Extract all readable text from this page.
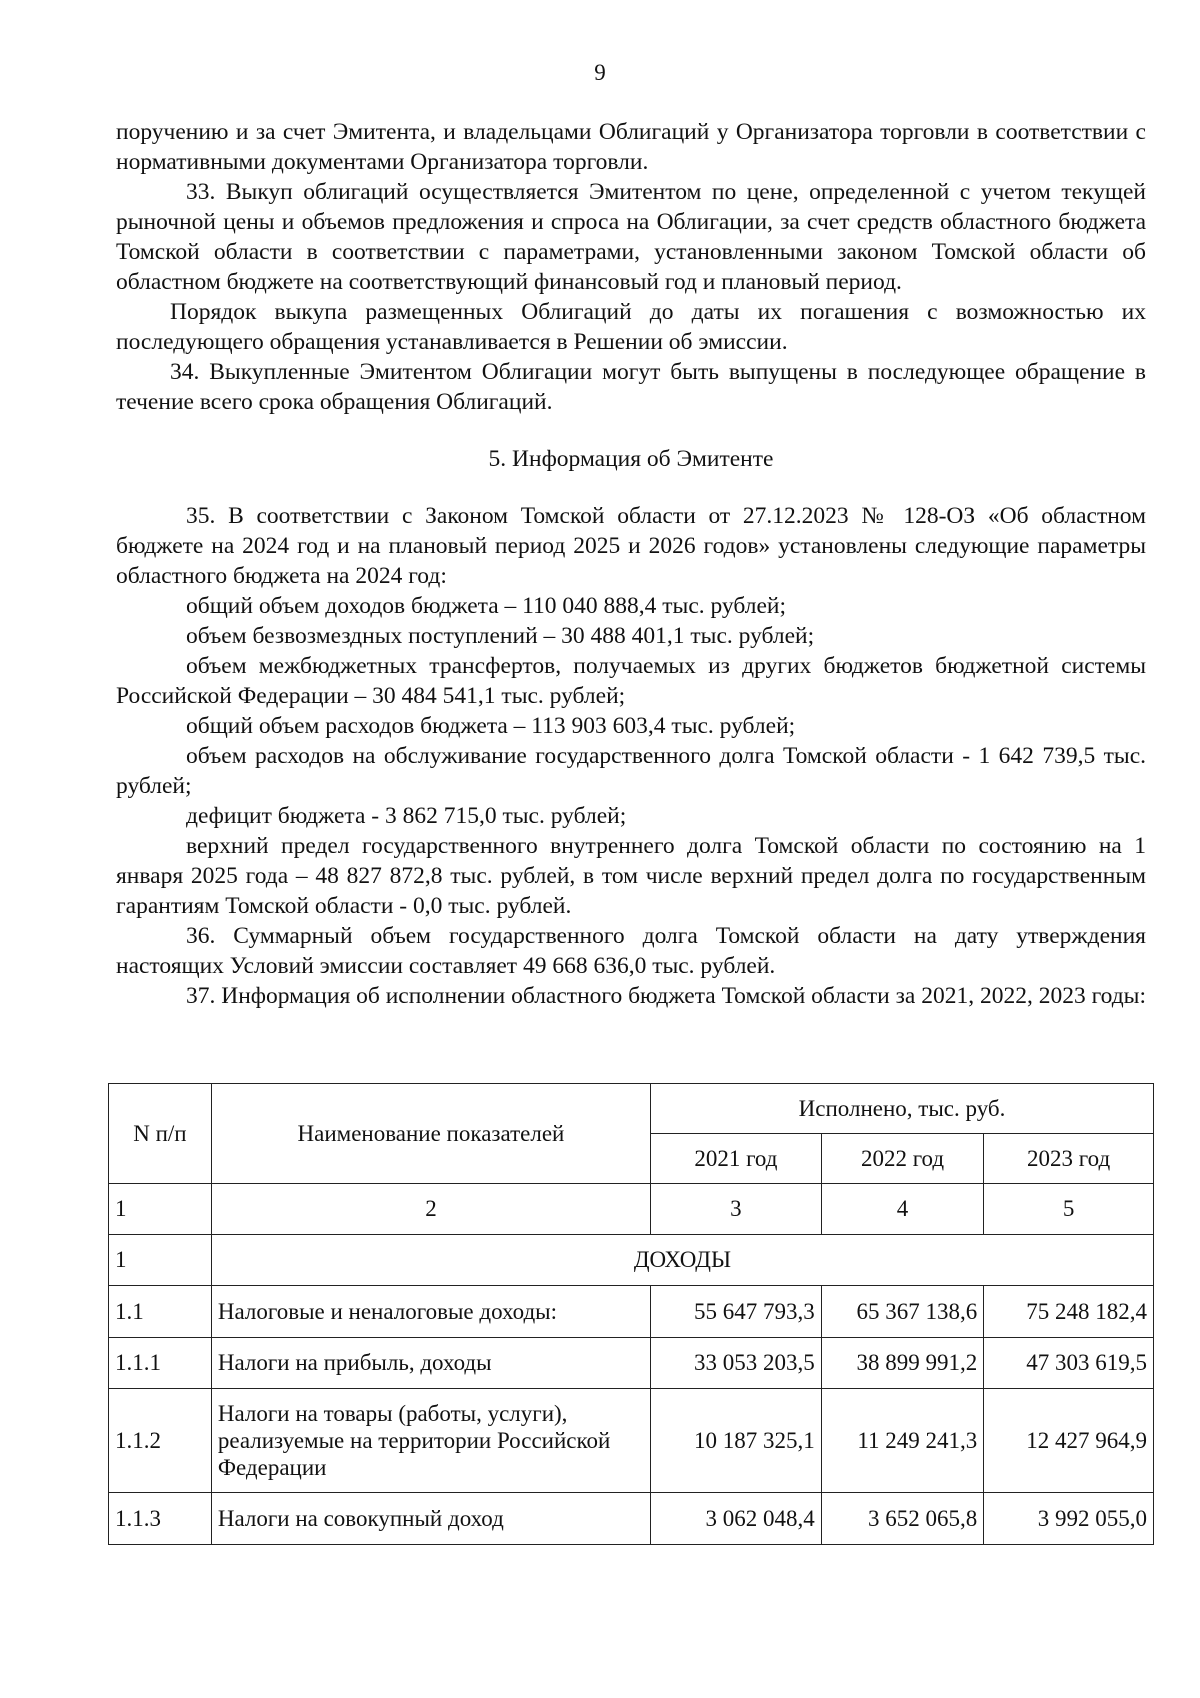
9

поручению и за счет Эмитента, и владельцами Облигаций у Организатора торговли в соответствии с нормативными документами Организатора торговли.

33. Выкуп облигаций осуществляется Эмитентом по цене, определенной с учетом текущей рыночной цены и объемов предложения и спроса на Облигации, за счет средств областного бюджета Томской области в соответствии с параметрами, установленными законом Томской области об областном бюджете на соответствующий финансовый год и плановый период.

Порядок выкупа размещенных Облигаций до даты их погашения с возможностью их последующего обращения устанавливается в Решении об эмиссии.

34. Выкупленные Эмитентом Облигации могут быть выпущены в последующее обращение в течение всего срока обращения Облигаций.

5. Информация об Эмитенте

35. В соответствии с Законом Томской области от 27.12.2023 № 128-ОЗ «Об областном бюджете на 2024 год и на плановый период 2025 и 2026 годов» установлены следующие параметры областного бюджета на 2024 год:

общий объем доходов бюджета – 110 040 888,4 тыс. рублей;

объем безвозмездных поступлений – 30 488 401,1 тыс. рублей;

объем межбюджетных трансфертов, получаемых из других бюджетов бюджетной системы Российской Федерации – 30 484 541,1 тыс. рублей;

общий объем расходов бюджета – 113 903 603,4 тыс. рублей;

объем расходов на обслуживание государственного долга Томской области - 1 642 739,5 тыс. рублей;

дефицит бюджета - 3 862 715,0 тыс. рублей;

верхний предел государственного внутреннего долга Томской области по состоянию на 1 января 2025 года – 48 827 872,8 тыс. рублей, в том числе верхний предел долга по государственным гарантиям Томской области - 0,0 тыс. рублей.

36. Суммарный объем государственного долга Томской области на дату утверждения настоящих Условий эмиссии составляет 49 668 636,0 тыс. рублей.

37. Информация об исполнении областного бюджета Томской области за 2021, 2022, 2023 годы:

N п/п	Наименование показателей	Исполнено, тыс. руб.		
		2021 год	2022 год	2023 год
1	2	3	4	5
1	ДОХОДЫ			
1.1	Налоговые и неналоговые доходы:	55 647 793,3	65 367 138,6	75 248 182,4
1.1.1	Налоги на прибыль, доходы	33 053 203,5	38 899 991,2	47 303 619,5
1.1.2	Налоги на товары (работы, услуги), реализуемые на территории Российской Федерации	10 187 325,1	11 249 241,3	12 427 964,9
1.1.3	Налоги на совокупный доход	3 062 048,4	3 652 065,8	3 992 055,0
